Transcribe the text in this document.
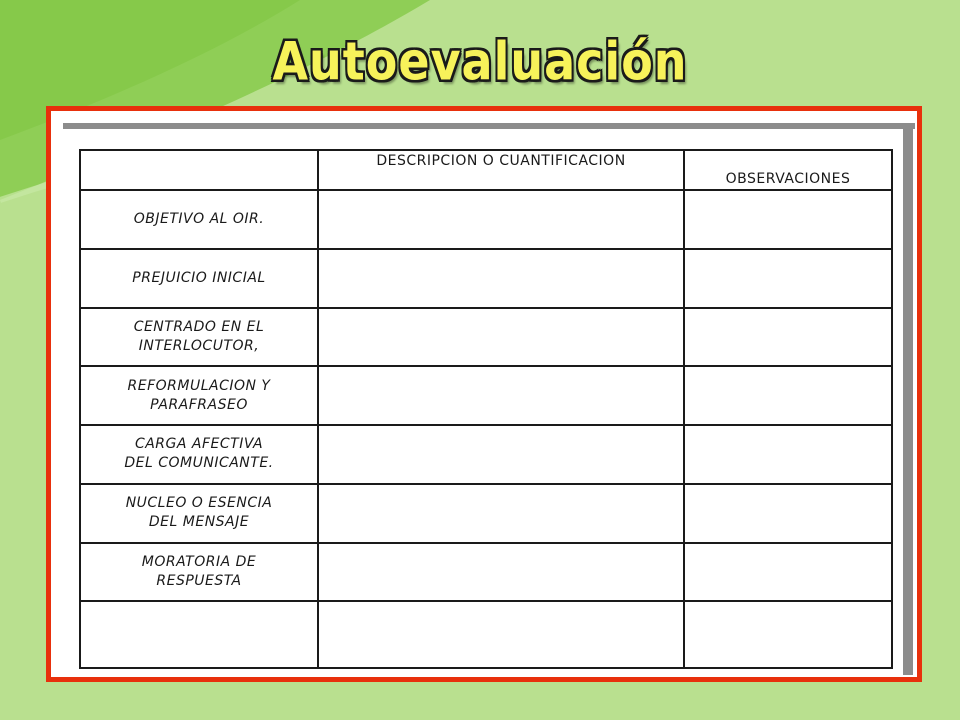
Autoevaluación
	DESCRIPCION O CUANTIFICACION	OBSERVACIONES

OBJETIVO AL OIR.		

PREJUICIO INICIAL		

CENTRADO EN EL
INTERLOCUTOR,		

REFORMULACION Y
PARAFRASEO		

CARGA AFECTIVA
DEL COMUNICANTE.		

NUCLEO O ESENCIA
DEL MENSAJE		

MORATORIA DE
RESPUESTA		
